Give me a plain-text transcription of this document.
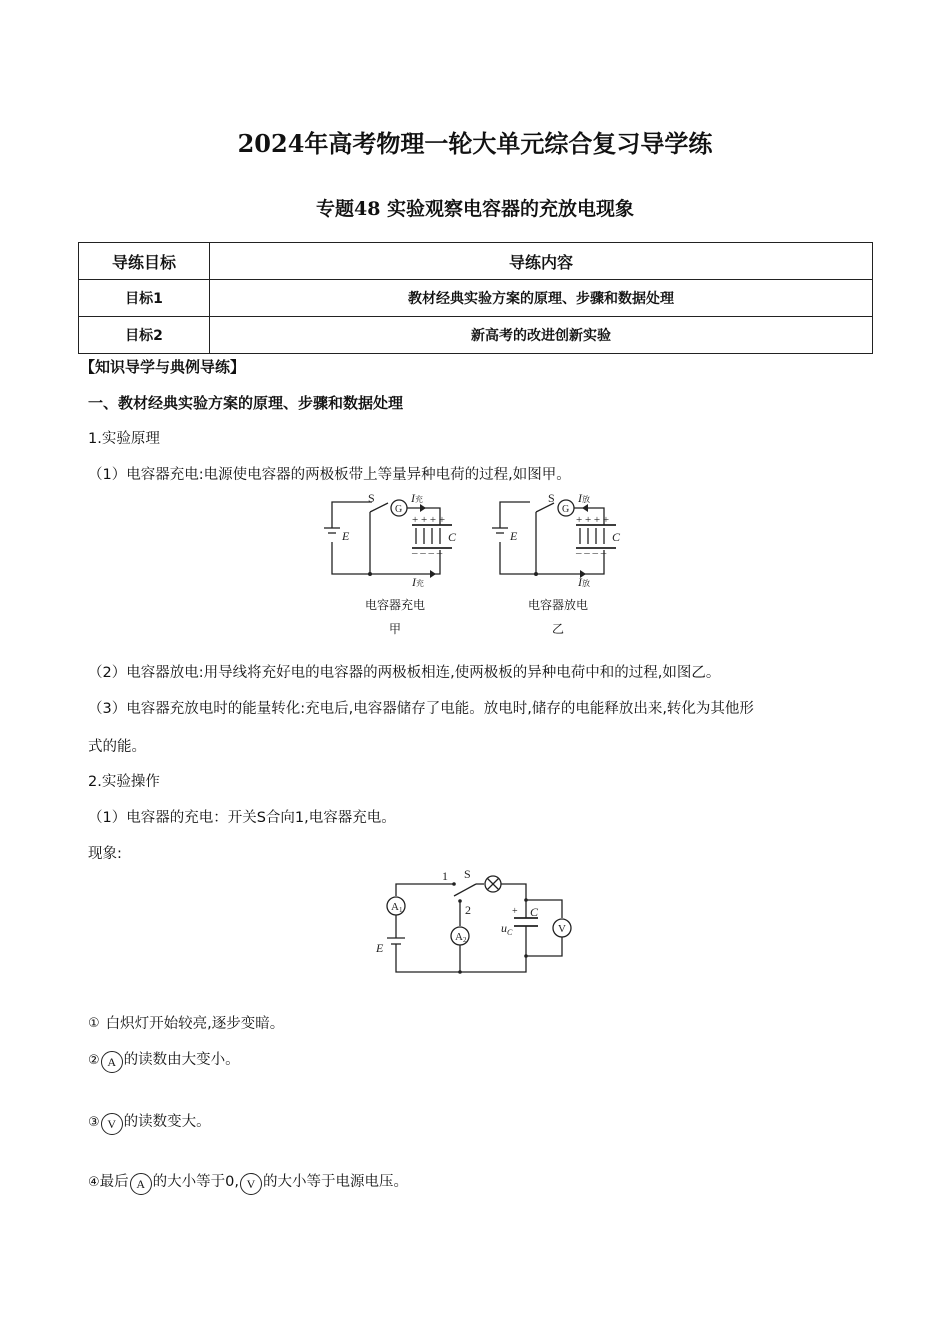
2024年高考物理一轮大单元综合复习导学练
专题48 实验观察电容器的充放电现象
导练目标	导练内容
目标1	教材经典实验方案的原理、步骤和数据处理
目标2	新高考的改进创新实验
【知识导学与典例导练】
一、教材经典实验方案的原理、步骤和数据处理
1.实验原理
（1）电容器充电:电源使电容器的两极板带上等量异种电荷的过程,如图甲。
S
G
I充
E	C
I充
+ + + +
‒ ‒ ‒ ‒
S
G
I放
E	C
I放
+ + + +
‒ ‒ ‒ ‒
电容器充电
甲
电容器放电
乙
（2）电容器放电:用导线将充好电的电容器的两极板相连,使两极板的异种电荷中和的过程,如图乙。
（3）电容器充放电时的能量转化:充电后,电容器储存了电能。放电时,储存的电能释放出来,转化为其他形
式的能。
2.实验操作
（1）电容器的充电：开关S合向1,电容器充电。
现象:
1
2
S
A1
A2
V
E
C
+
$u_C$
① 白炽灯开始较亮,逐步变暗。
② A 的读数由大变小。
③ V 的读数变大。
④最后 A 的大小等于0, V 的大小等于电源电压。
